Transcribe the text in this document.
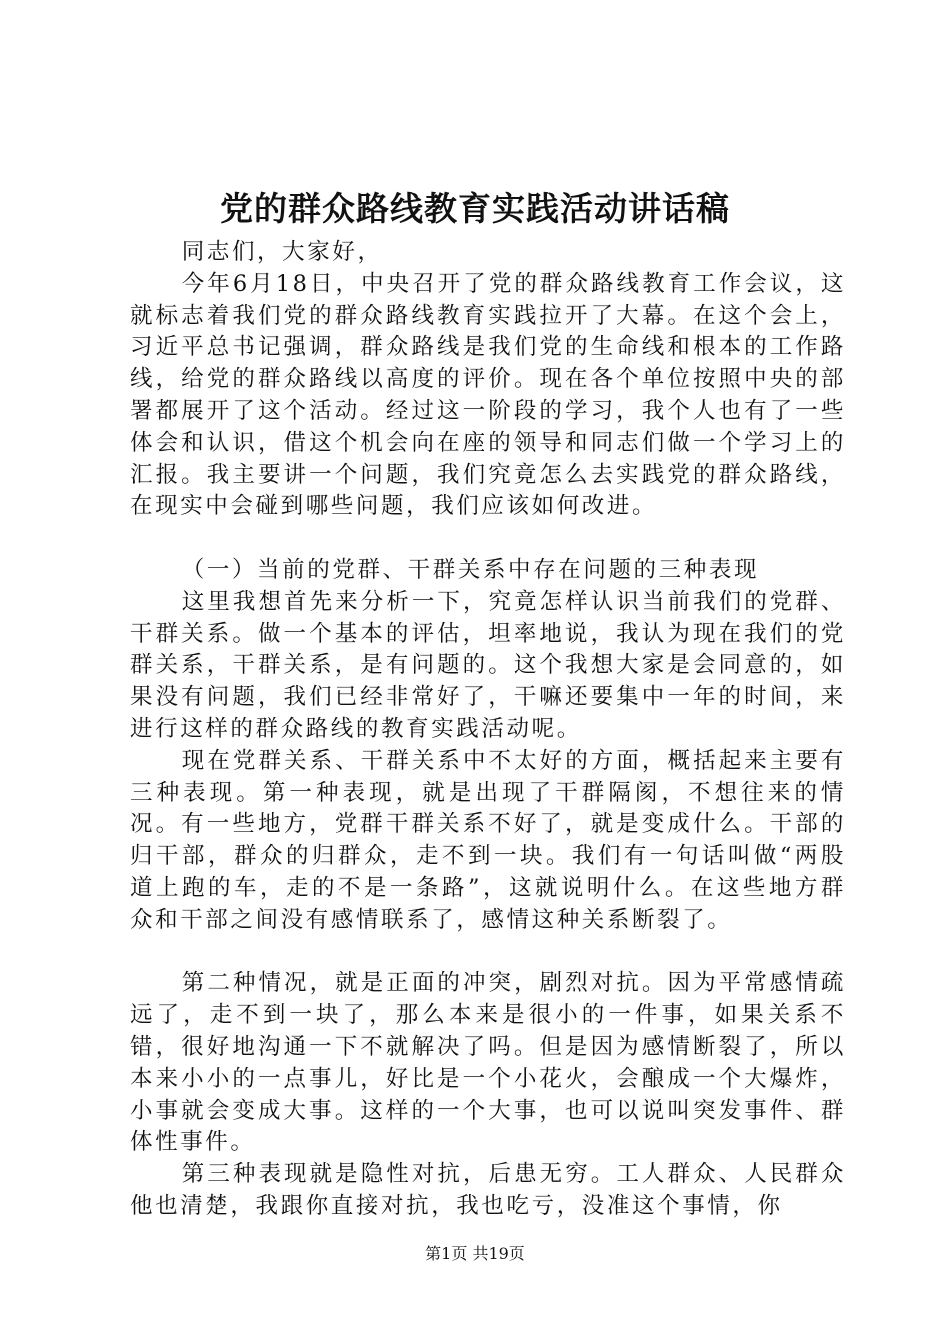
党的群众路线教育实践活动讲话稿

同志们，大家好，

今年6月18日，中央召开了党的群众路线教育工作会议，这就标志着我们党的群众路线教育实践拉开了大幕。在这个会上，习近平总书记强调，群众路线是我们党的生命线和根本的工作路线，给党的群众路线以高度的评价。现在各个单位按照中央的部署都展开了这个活动。经过这一阶段的学习，我个人也有了一些体会和认识，借这个机会向在座的领导和同志们做一个学习上的汇报。我主要讲一个问题，我们究竟怎么去实践党的群众路线，在现实中会碰到哪些问题，我们应该如何改进。

（一）当前的党群、干群关系中存在问题的三种表现

这里我想首先来分析一下，究竟怎样认识当前我们的党群、干群关系。做一个基本的评估，坦率地说，我认为现在我们的党群关系，干群关系，是有问题的。这个我想大家是会同意的，如果没有问题，我们已经非常好了，干嘛还要集中一年的时间，来进行这样的群众路线的教育实践活动呢。

现在党群关系、干群关系中不太好的方面，概括起来主要有三种表现。第一种表现，就是出现了干群隔阂，不想往来的情况。有一些地方，党群干群关系不好了，就是变成什么。干部的归干部，群众的归群众，走不到一块。我们有一句话叫做“两股道上跑的车，走的不是一条路”，这就说明什么。在这些地方群众和干部之间没有感情联系了，感情这种关系断裂了。

第二种情况，就是正面的冲突，剧烈对抗。因为平常感情疏远了，走不到一块了，那么本来是很小的一件事，如果关系不错，很好地沟通一下不就解决了吗。但是因为感情断裂了，所以本来小小的一点事儿，好比是一个小花火，会酿成一个大爆炸，小事就会变成大事。这样的一个大事，也可以说叫突发事件、群体性事件。

第三种表现就是隐性对抗，后患无穷。工人群众、人民群众他也清楚，我跟你直接对抗，我也吃亏，没准这个事情，你

第1页 共19页
